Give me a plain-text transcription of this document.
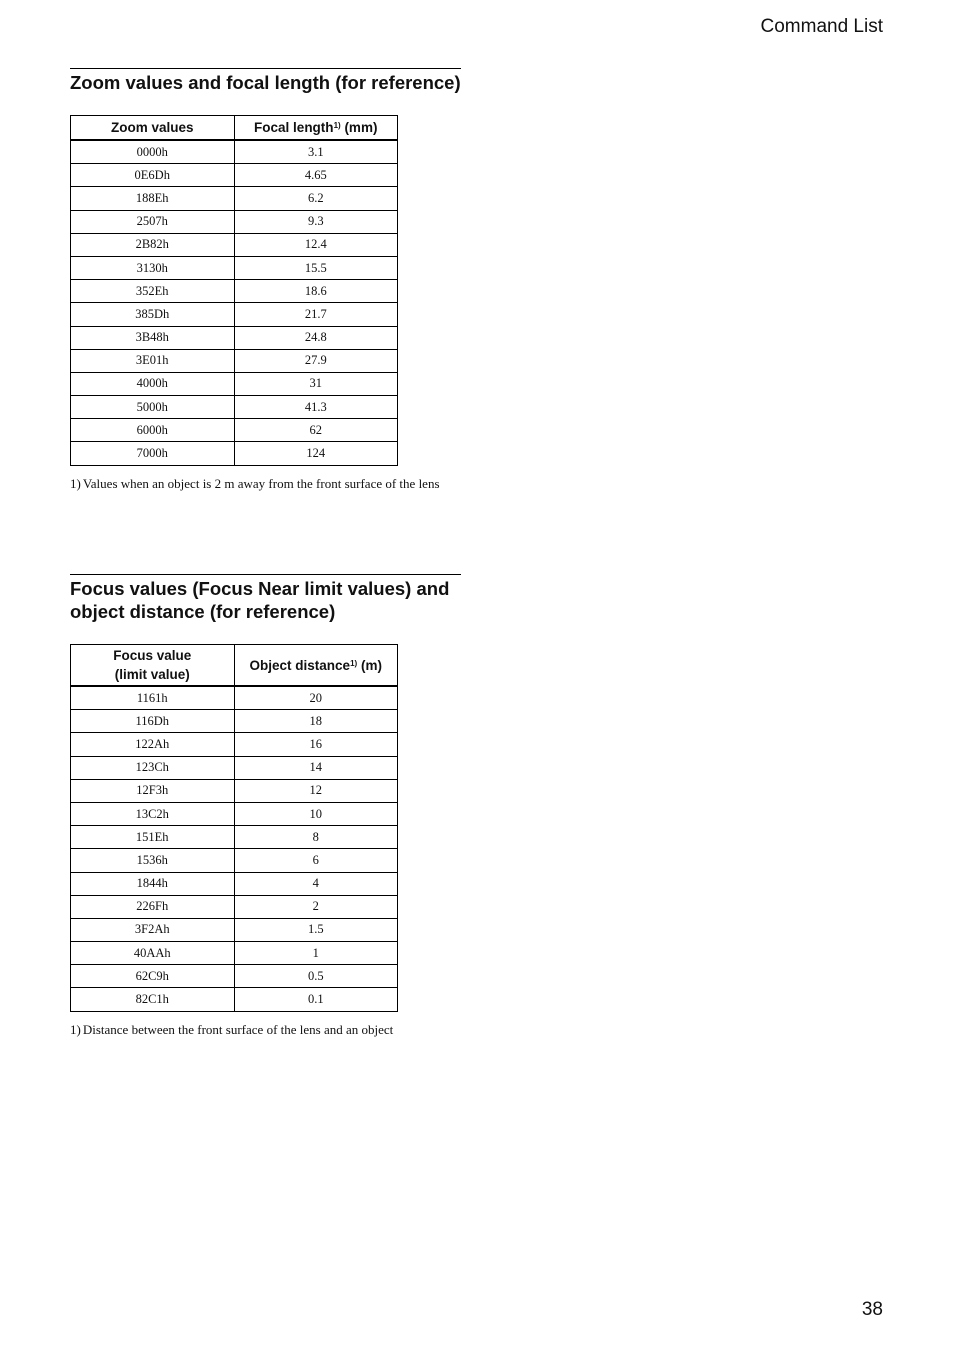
Command List
Zoom values and focal length (for reference)
Zoom values	Focal length$^{1)}$ (mm)
0000h	3.1
0E6Dh	4.65
188Eh	6.2
2507h	9.3
2B82h	12.4
3130h	15.5
352Eh	18.6
385Dh	21.7
3B48h	24.8
3E01h	27.9
4000h	31
5000h	41.3
6000h	62
7000h	124
1) Values when an object is 2 m away from the front surface of the lens
Focus values (Focus Near limit values) and object distance (for reference)
Focus value
(limit value)	Object distance$^{1)}$ (m)
1161h	20
116Dh	18
122Ah	16
123Ch	14
12F3h	12
13C2h	10
151Eh	8
1536h	6
1844h	4
226Fh	2
3F2Ah	1.5
40AAh	1
62C9h	0.5
82C1h	0.1
1) Distance between the front surface of the lens and an object
38
